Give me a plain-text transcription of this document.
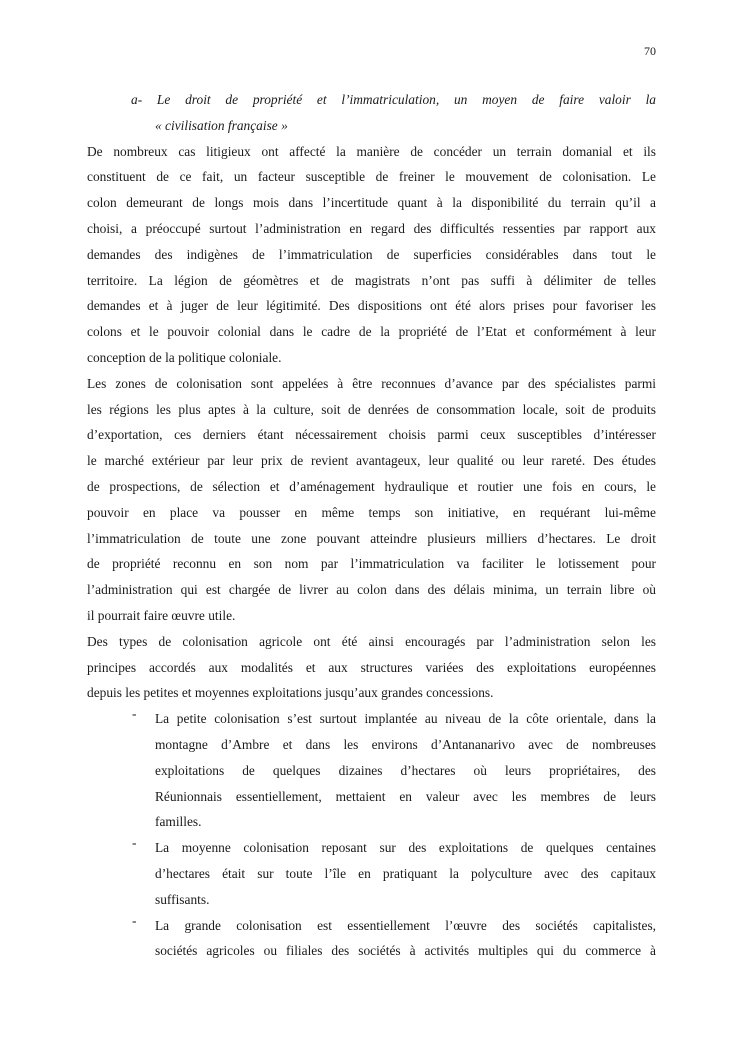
70
a- Le droit de propriété et l’immatriculation, un moyen de faire valoir la
« civilisation française »
De nombreux cas litigieux ont affecté la manière de concéder un terrain domanial et ils
constituent de ce fait, un facteur susceptible de freiner le mouvement de colonisation. Le
colon demeurant de longs mois dans l’incertitude quant à la disponibilité du terrain qu’il a
choisi, a préoccupé surtout l’administration en regard des difficultés ressenties par rapport aux
demandes des indigènes de l’immatriculation de superficies considérables dans tout le
territoire. La légion de géomètres et de magistrats n’ont pas suffi à délimiter de telles
demandes et à juger de leur légitimité. Des dispositions ont été alors prises pour favoriser les
colons et le pouvoir colonial dans le cadre de la propriété de l’Etat et conformément à leur
conception de la politique coloniale.
Les zones de colonisation sont appelées à être reconnues d’avance par des spécialistes parmi
les régions les plus aptes à la culture, soit de denrées de consommation locale, soit de produits
d’exportation, ces derniers étant nécessairement choisis parmi ceux susceptibles d’intéresser
le marché extérieur par leur prix de revient avantageux, leur qualité ou leur rareté. Des études
de prospections, de sélection et d’aménagement hydraulique et routier une fois en cours, le
pouvoir en place va pousser en même temps son initiative, en requérant lui-même
l’immatriculation de toute une zone pouvant atteindre plusieurs milliers d’hectares. Le droit
de propriété reconnu en son nom par l’immatriculation va faciliter le lotissement pour
l’administration qui est chargée de livrer au colon dans des délais minima, un terrain libre où
il pourrait faire œuvre utile.
Des types de colonisation agricole ont été ainsi encouragés par l’administration selon les
principes accordés aux modalités et aux structures variées des exploitations européennes
depuis les petites et moyennes exploitations jusqu’aux grandes concessions.
-	La petite colonisation s’est surtout implantée au niveau de la côte orientale, dans la
montagne d’Ambre et dans les environs d’Antananarivo avec de nombreuses
exploitations de quelques dizaines d’hectares où leurs propriétaires, des
Réunionnais essentiellement, mettaient en valeur avec les membres de leurs
familles.
-	La moyenne colonisation reposant sur des exploitations de quelques centaines
d’hectares était sur toute l’île en pratiquant la polyculture avec des capitaux
suffisants.
-	La grande colonisation est essentiellement l’œuvre des sociétés capitalistes,
sociétés agricoles ou filiales des sociétés à activités multiples qui du commerce à
